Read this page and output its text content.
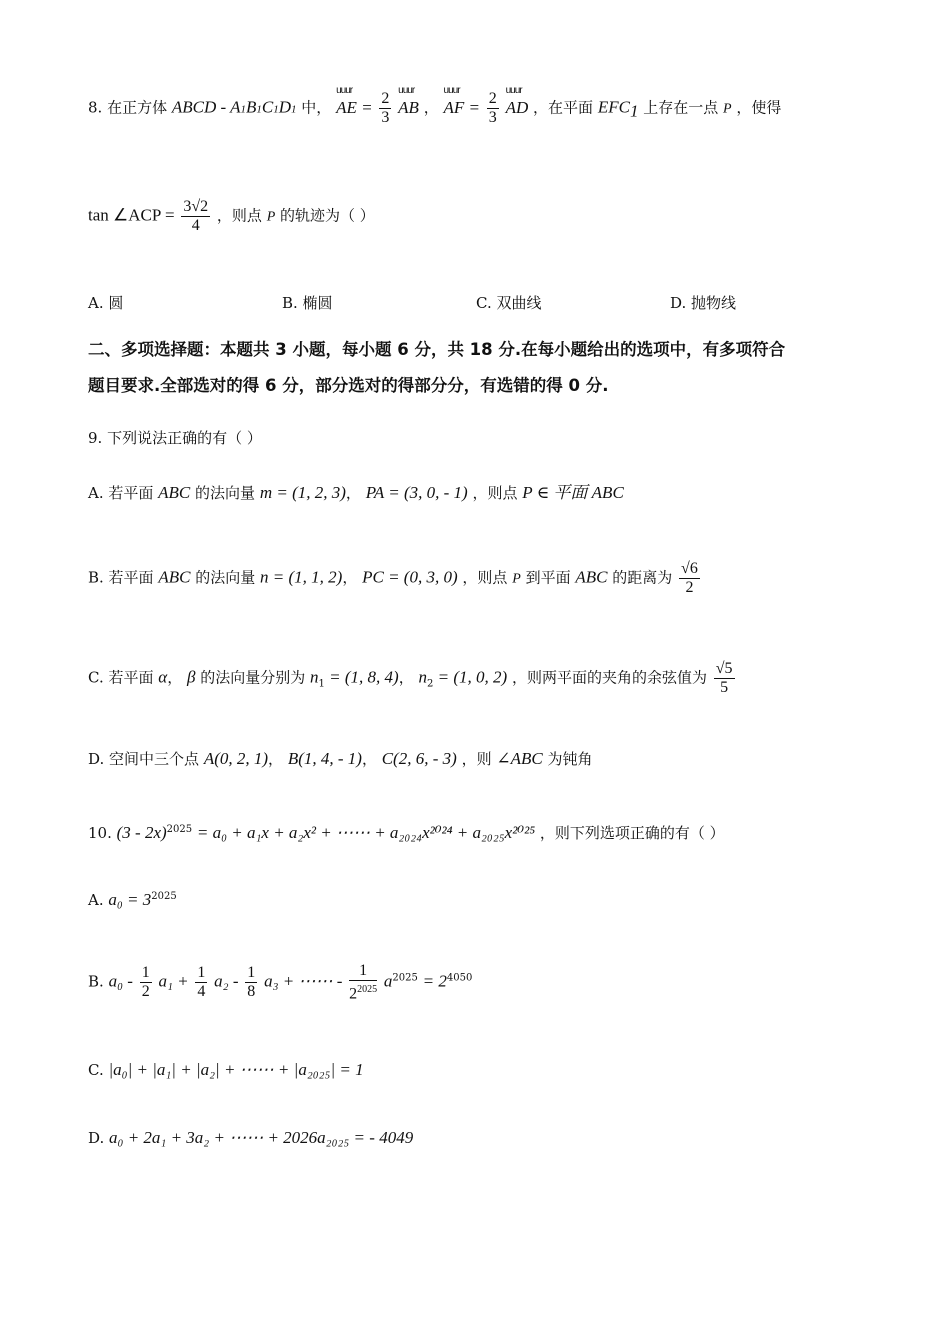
8. 在正方体 ABCD - A1B1C1D1 中， uuur AE = $\frac{2}{3}$ uuur AB ， uuur AF = $\frac{2}{3}$ uuur AD ，在平面 $EFC_1$ 上存在一点 P ，使得
tan ∠ACP = $\frac{3√2}{4}$ ，则点 P 的轨迹为（ ）
A. 圆	B. 椭圆	C. 双曲线	D. 抛物线
二、多项选择题：本题共 3 小题，每小题 6 分，共 18 分.在每小题给出的选项中，有多项符合
题目要求.全部选对的得 6 分，部分选对的得部分分，有选错的得 0 分.
9. 下列说法正确的有（ ）
A. 若平面 ABC 的法向量 m = (1, 2, 3)， PA = (3, 0, - 1) ，则点 P ∈ 平面 ABC
B. 若平面 ABC 的法向量 n = (1, 1, 2)， PC = (0, 3, 0) ，则点 P 到平面 ABC 的距离为 $\frac{√6}{2}$
C. 若平面 α， β 的法向量分别为 $n_1 = (1$, 8, 4)， $n_2 = (1$, 0, 2) ，则两平面的夹角的余弦值为 $\frac{√5}{5}$
D. 空间中三个点 A(0, 2, 1)， B(1, 4, - 1)， C(2, 6, - 3) ，则 ∠ABC 为钝角
10. (3 - 2x)$^{2025}$ = a₀ + a₁x + a₂x² + ⋯⋯ + a₂₀₂₄x²⁰²⁴ + a₂₀₂₅x²⁰²⁵ ，则下列选项正确的有（ ）
A. $a_0 = 3^{2025}$
B. $a_0 - \frac{1}{2} a_1 + \frac{1}{4} a_2 - \frac{1}{8} a_3$ + ⋯⋯ - $\frac{1}{2^{2025}} a^{2025} = 2^{4050}$
C. |a₀| + |a₁| + |a₂| + ⋯⋯ + |a₂₀₂₅| = 1
D. a₀ + 2a₁ + 3a₂ + ⋯⋯ + 2026a₂₀₂₅ = - 4049
